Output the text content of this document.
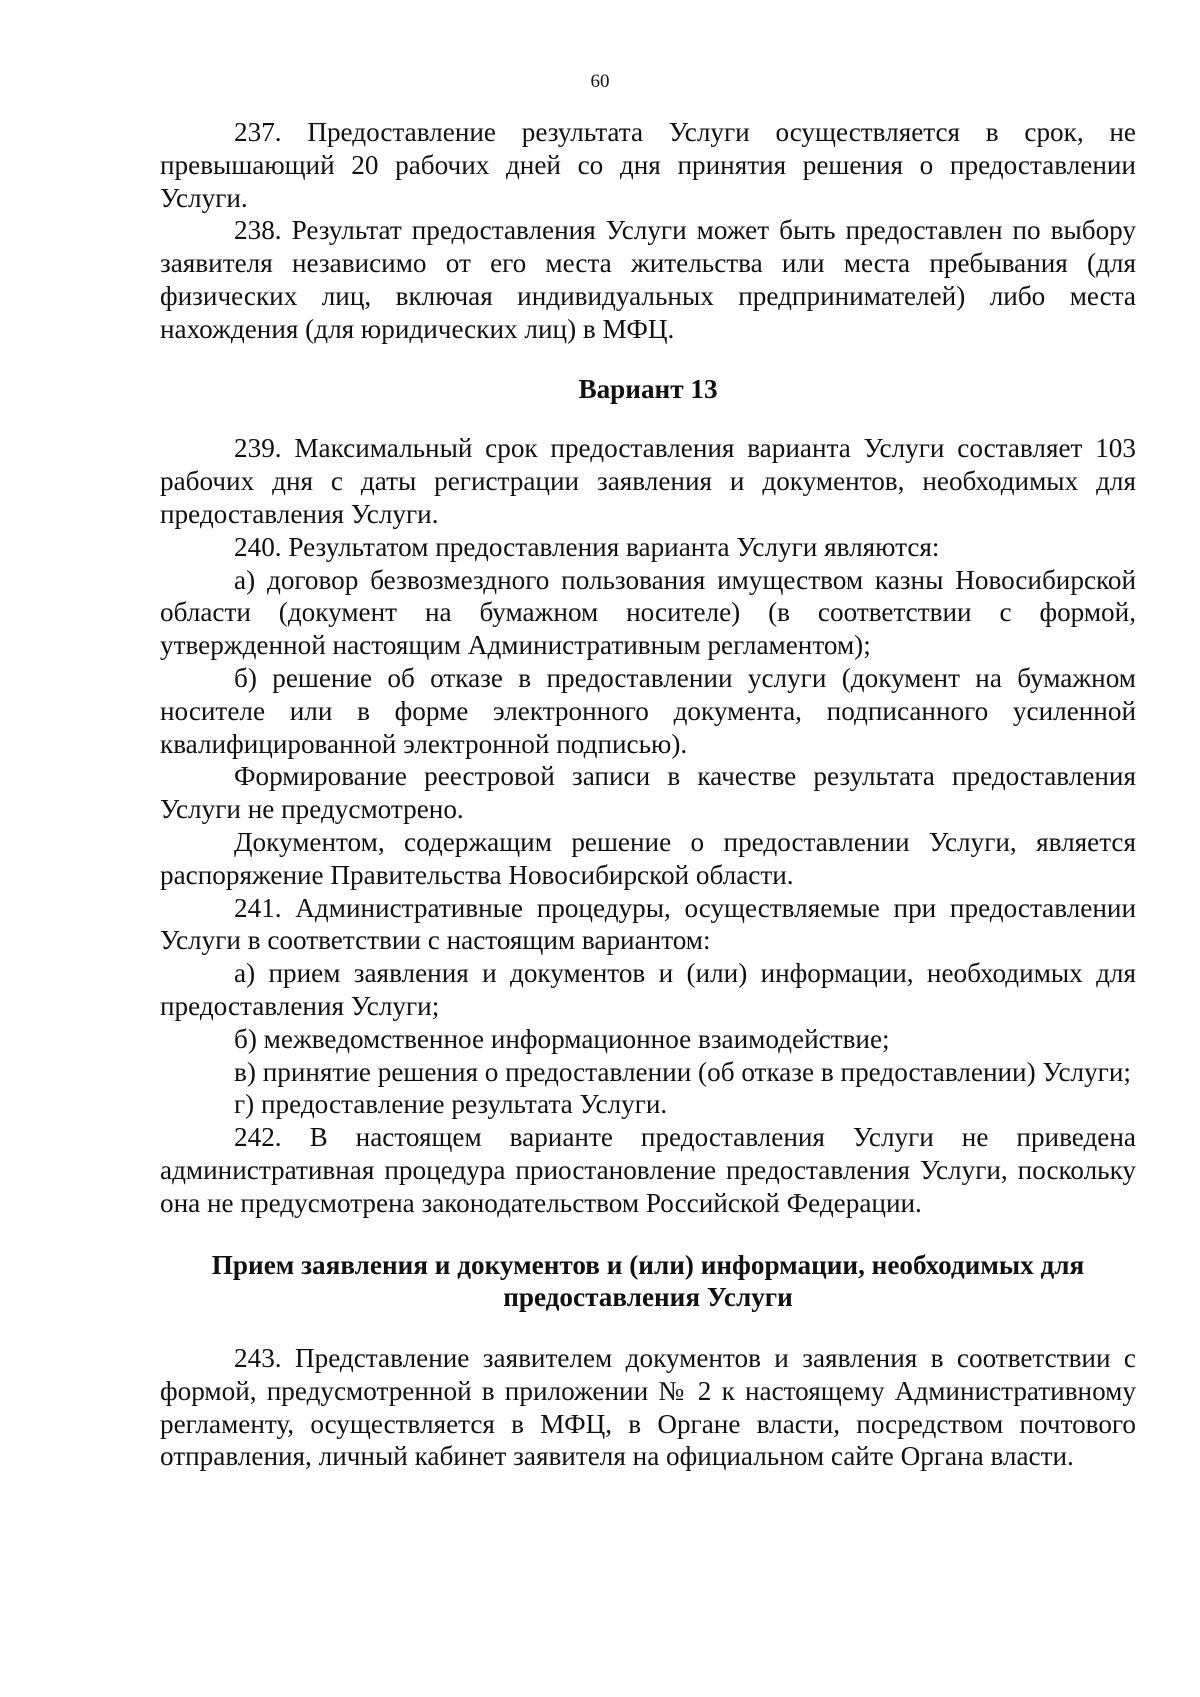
60

237. Предоставление результата Услуги осуществляется в срок, не превышающий 20 рабочих дней со дня принятия решения о предоставлении Услуги.

238. Результат предоставления Услуги может быть предоставлен по выбору заявителя независимо от его места жительства или места пребывания (для физических лиц, включая индивидуальных предпринимателей) либо места нахождения (для юридических лиц) в МФЦ.

Вариант 13

239. Максимальный срок предоставления варианта Услуги составляет 103 рабочих дня с даты регистрации заявления и документов, необходимых для предоставления Услуги.

240. Результатом предоставления варианта Услуги являются:

а) договор безвозмездного пользования имуществом казны Новосибирской области (документ на бумажном носителе) (в соответствии с формой, утвержденной настоящим Административным регламентом);

б) решение об отказе в предоставлении услуги (документ на бумажном носителе или в форме электронного документа, подписанного усиленной квалифицированной электронной подписью).

Формирование реестровой записи в качестве результата предоставления Услуги не предусмотрено.

Документом, содержащим решение о предоставлении Услуги, является распоряжение Правительства Новосибирской области.

241. Административные процедуры, осуществляемые при предоставлении Услуги в соответствии с настоящим вариантом:

а) прием заявления и документов и (или) информации, необходимых для предоставления Услуги;

б) межведомственное информационное взаимодействие;

в) принятие решения о предоставлении (об отказе в предоставлении) Услуги;

г) предоставление результата Услуги.

242. В настоящем варианте предоставления Услуги не приведена административная процедура приостановление предоставления Услуги, поскольку она не предусмотрена законодательством Российской Федерации.

Прием заявления и документов и (или) информации, необходимых для предоставления Услуги

243. Представление заявителем документов и заявления в соответствии с формой, предусмотренной в приложении № 2 к настоящему Административному регламенту, осуществляется в МФЦ, в Органе власти, посредством почтового отправления, личный кабинет заявителя на официальном сайте Органа власти.
